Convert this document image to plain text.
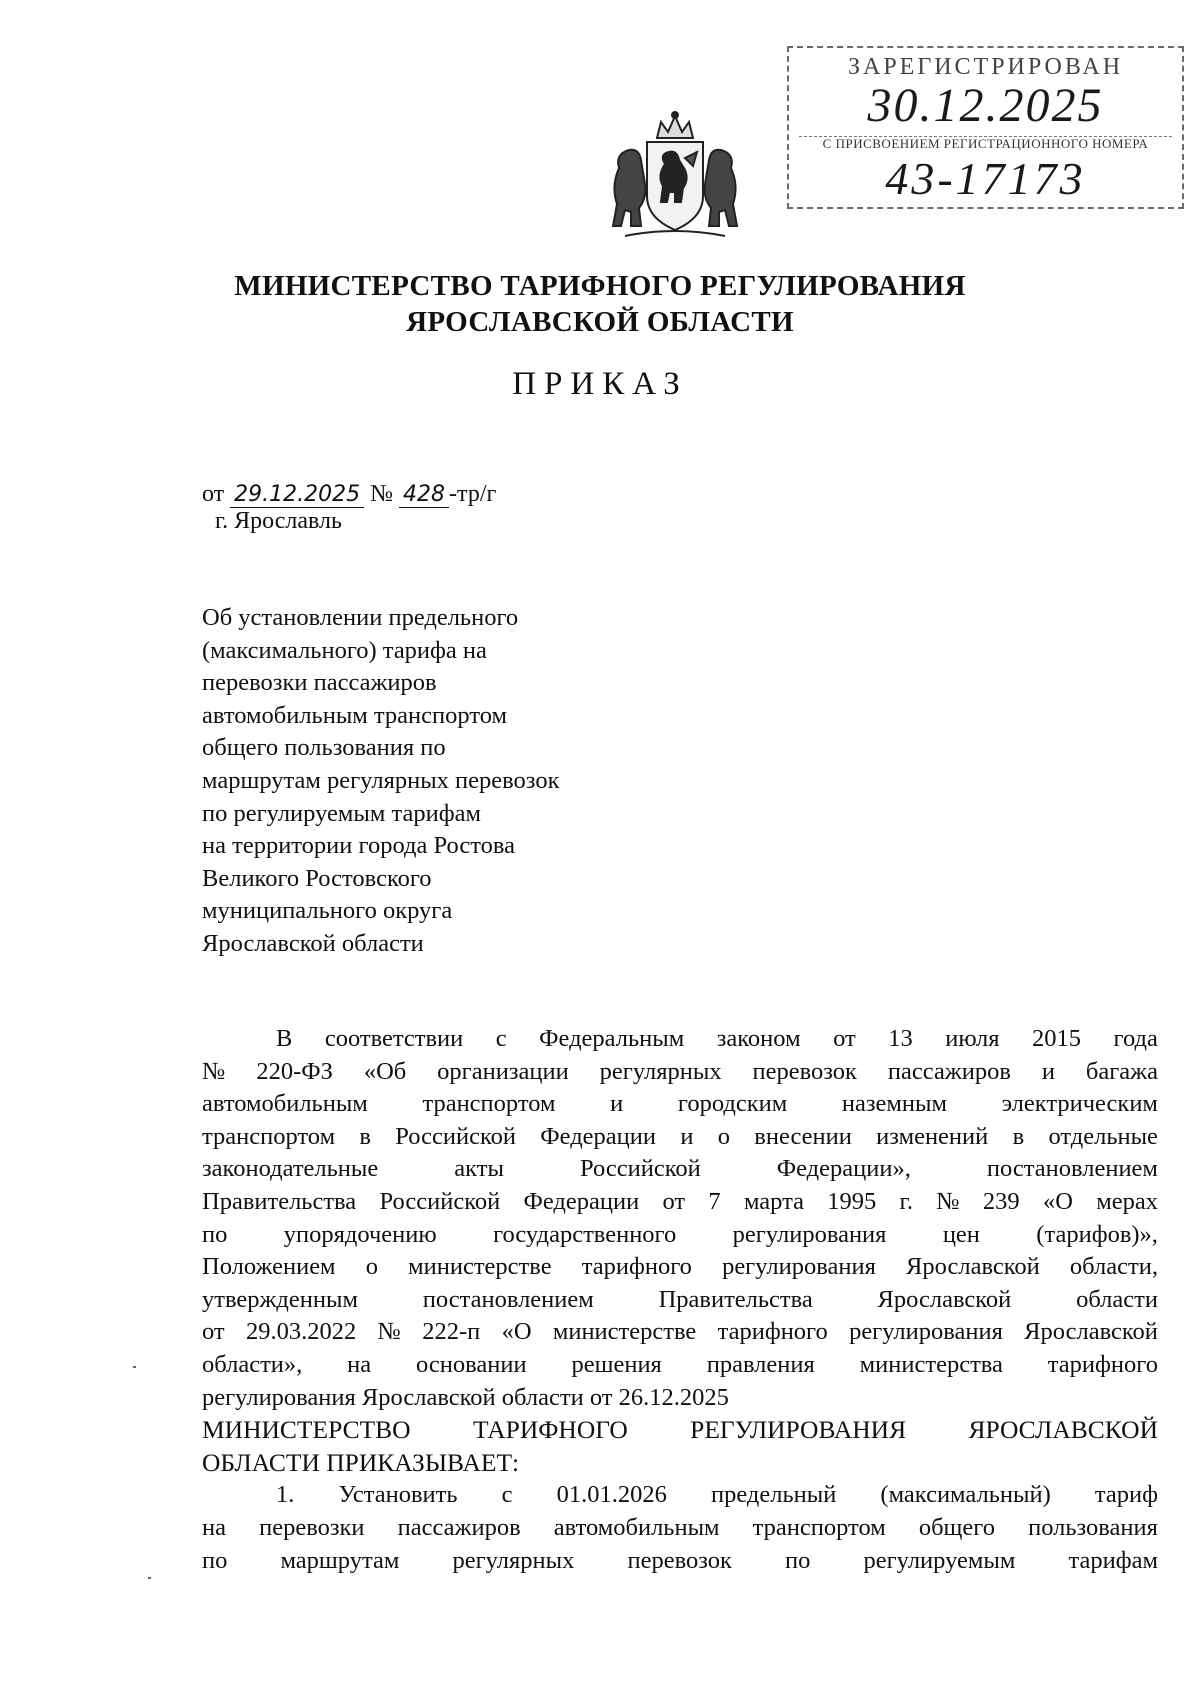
ЗАРЕГИСТРИРОВАН
30.12.2025
С ПРИСВОЕНИЕМ РЕГИСТРАЦИОННОГО НОМЕРА
43-17173
МИНИСТЕРСТВО ТАРИФНОГО РЕГУЛИРОВАНИЯ
ЯРОСЛАВСКОЙ ОБЛАСТИ
ПРИКАЗ
от 29.12.2025 № 428 -тр/г
г. Ярославль
Об установлении предельного
(максимального) тарифа на
перевозки пассажиров
автомобильным транспортом
общего пользования по
маршрутам регулярных перевозок
по регулируемым тарифам
на территории города Ростова
Великого Ростовского
муниципального округа
Ярославской области
В соответствии с Федеральным законом от 13 июля 2015 года
№ 220-ФЗ «Об организации регулярных перевозок пассажиров и багажа
автомобильным транспортом и городским наземным электрическим
транспортом в Российской Федерации и о внесении изменений в отдельные
законодательные	акты	Российской	Федерации»,	постановлением
Правительства Российской Федерации от 7 марта 1995 г. № 239 «О мерах
по упорядочению государственного регулирования цен (тарифов)»,
Положением о министерстве тарифного регулирования Ярославской области,
утвержденным	постановлением	Правительства	Ярославской	области
от 29.03.2022 № 222-п «О министерстве тарифного регулирования Ярославской
области», на основании решения правления министерства тарифного
регулирования Ярославской области от 26.12.2025
МИНИСТЕРСТВО ТАРИФНОГО РЕГУЛИРОВАНИЯ ЯРОСЛАВСКОЙ
ОБЛАСТИ ПРИКАЗЫВАЕТ:
1. Установить с 01.01.2026 предельный (максимальный) тариф
на перевозки пассажиров автомобильным транспортом общего пользования
по маршрутам регулярных перевозок по регулируемым тарифам
